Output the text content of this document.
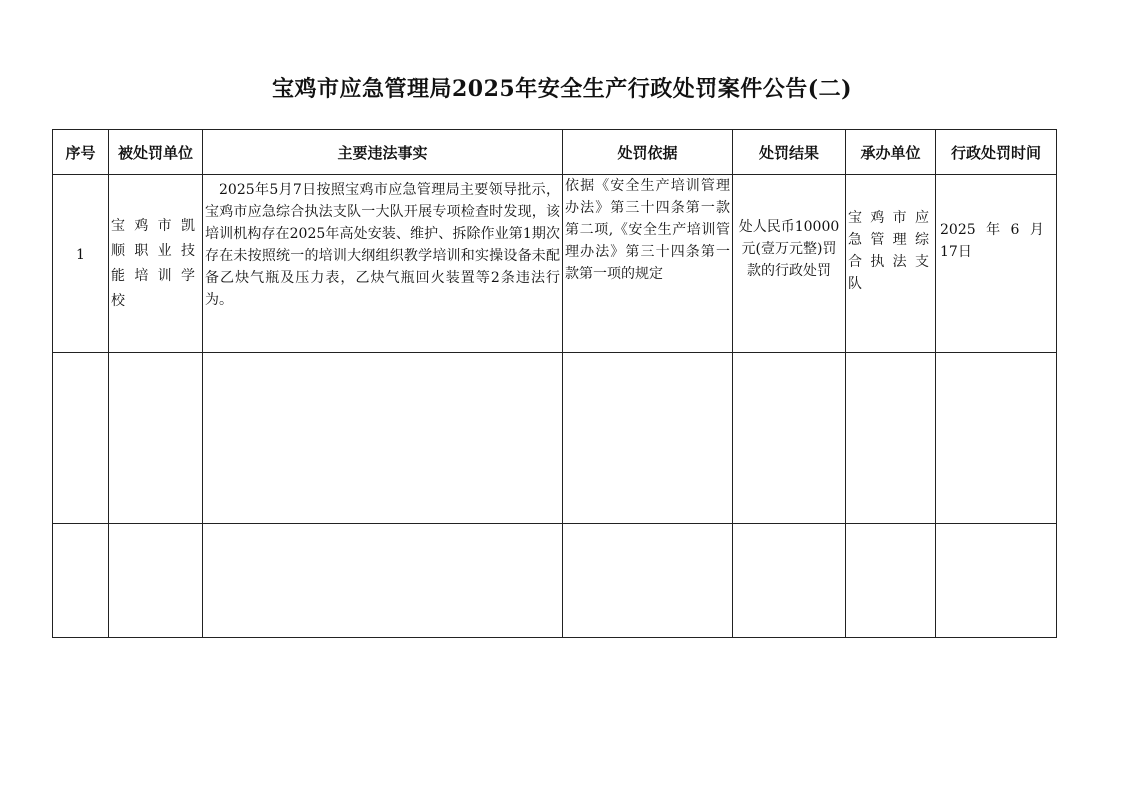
宝鸡市应急管理局2025年安全生产行政处罚案件公告(二)
序号	被处罚单位	主要违法事实	处罚依据	处罚结果	承办单位	行政处罚时间
1	宝鸡市凯顺职业技能培训学校	2025年5月7日按照宝鸡市应急管理局主要领导批示，宝鸡市应急综合执法支队一大队开展专项检查时发现，该培训机构存在2025年高处安装、维护、拆除作业第1期次存在未按照统一的培训大纲组织教学培训和实操设备未配备乙炔气瓶及压力表，乙炔气瓶回火装置等2条违法行为。	依据《安全生产培训管理办法》第三十四条第一款第二项,《安全生产培训管理办法》第三十四条第一款第一项的规定	处人民币10000元(壹万元整)罚款的行政处罚	宝鸡市应急管理综合执法支队	2025 年 6 月 17日
